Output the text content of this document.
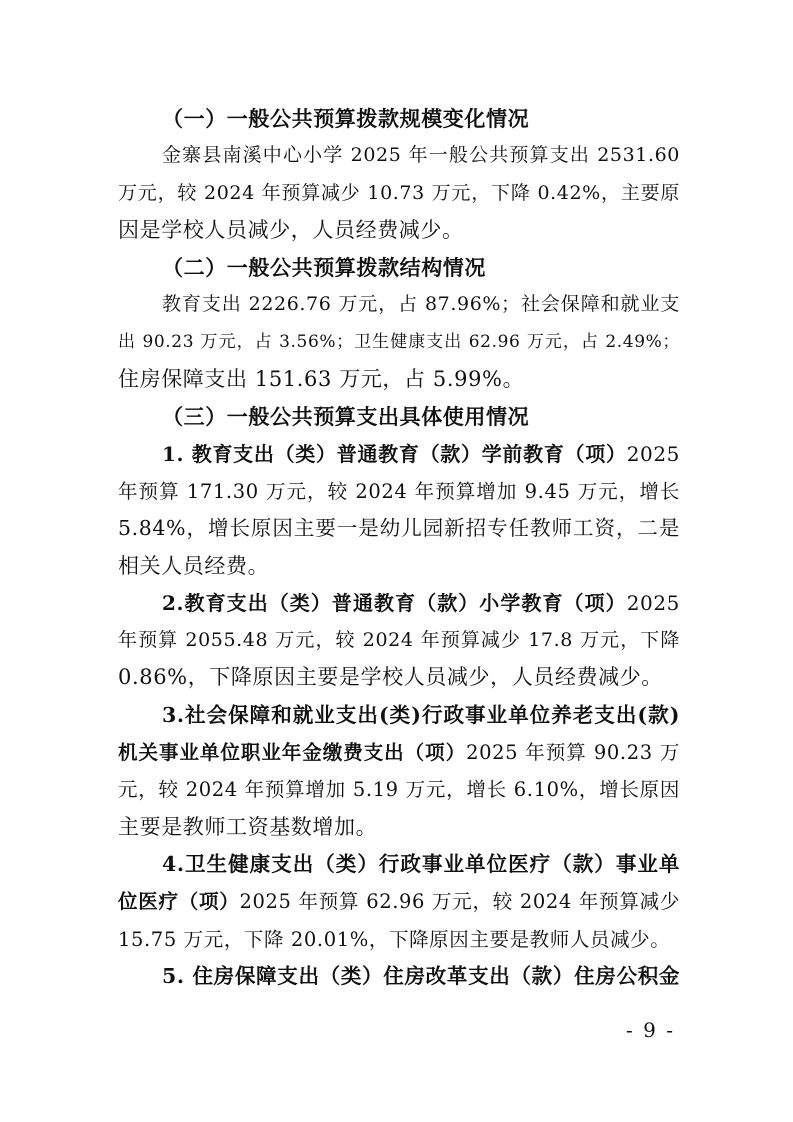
（一）一般公共预算拨款规模变化情况
金寨县南溪中心小学 2025 年一般公共预算支出 2531.60
万元，较 2024 年预算减少 10.73 万元，下降 0.42%，主要原
因是学校人员减少，人员经费减少。
（二）一般公共预算拨款结构情况
教育支出 2226.76 万元，占 87.96%；社会保障和就业支
出 90.23 万元，占 3.56%；卫生健康支出 62.96 万元，占 2.49%；
住房保障支出 151.63 万元，占 5.99%。
（三）一般公共预算支出具体使用情况
1. 教育支出（类）普通教育（款）学前教育（项）2025
年预算 171.30 万元，较 2024 年预算增加 9.45 万元，增长
5.84%，增长原因主要一是幼儿园新招专任教师工资，二是
相关人员经费。
2.教育支出（类）普通教育（款）小学教育（项）2025
年预算 2055.48 万元，较 2024 年预算减少 17.8 万元，下降
0.86%，下降原因主要是学校人员减少，人员经费减少。
3.社会保障和就业支出(类)行政事业单位养老支出(款)
机关事业单位职业年金缴费支出（项）2025 年预算 90.23 万
元，较 2024 年预算增加 5.19 万元，增长 6.10%，增长原因
主要是教师工资基数增加。
4.卫生健康支出（类）行政事业单位医疗（款）事业单
位医疗（项）2025 年预算 62.96 万元，较 2024 年预算减少
15.75 万元，下降 20.01%，下降原因主要是教师人员减少。
5. 住房保障支出（类）住房改革支出（款）住房公积金
- 9 -
